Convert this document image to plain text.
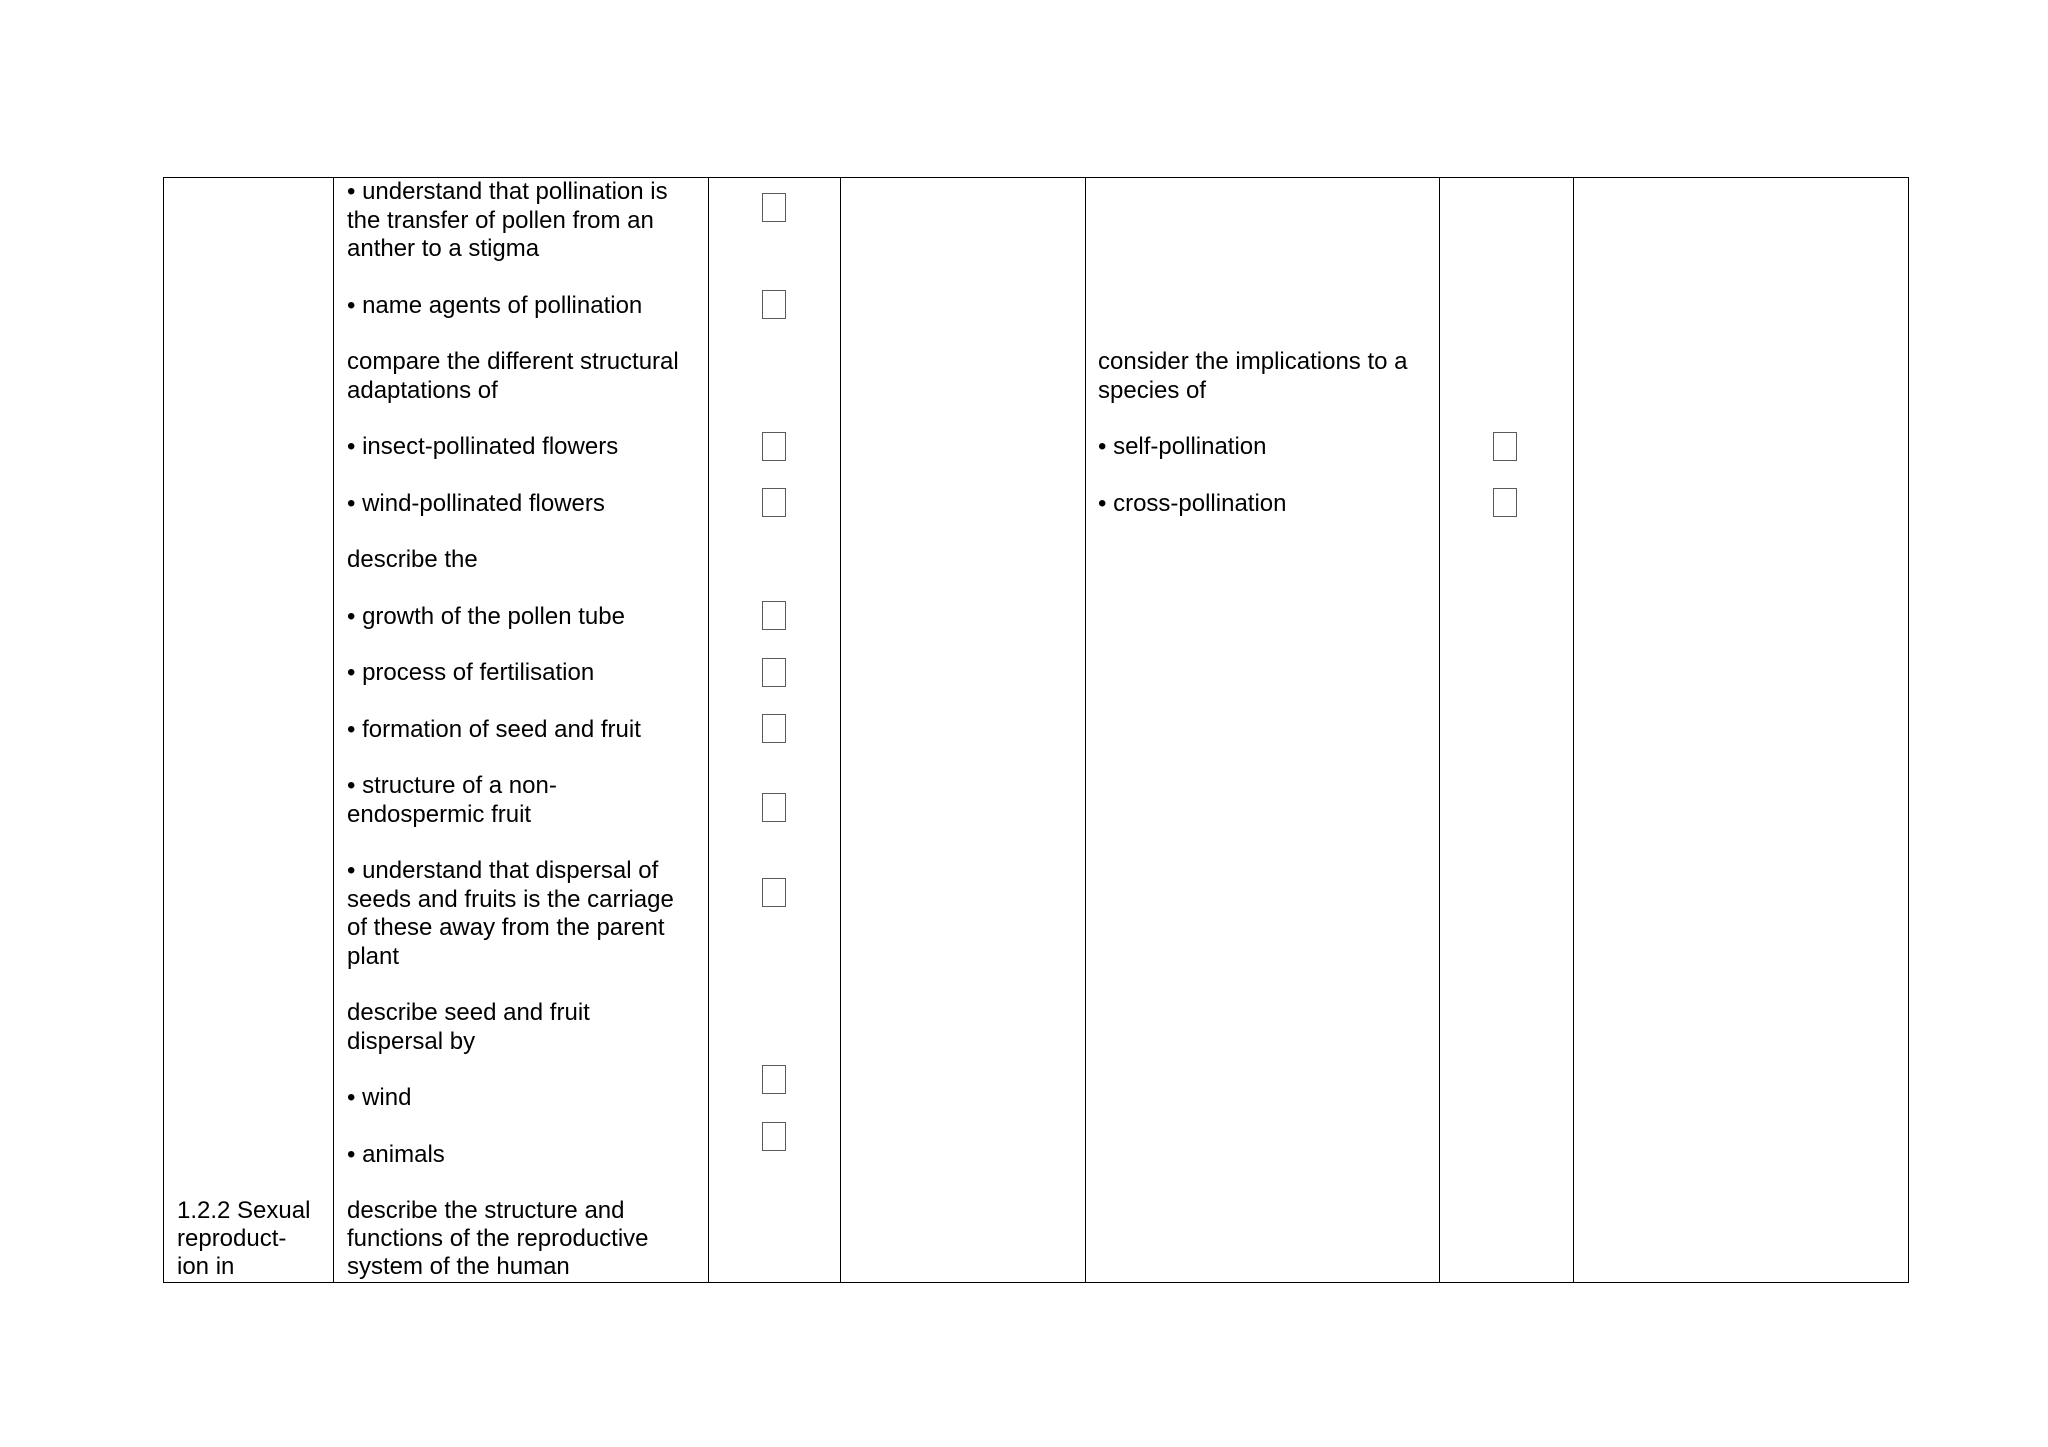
1.2.2 Sexual
reproduct-
ion in
• understand that pollination is
the transfer of pollen from an
anther to a stigma
• name agents of pollination
compare the different structural
adaptations of
• insect-pollinated flowers
• wind-pollinated flowers
describe the
• growth of the pollen tube
• process of fertilisation
• formation of seed and fruit
• structure of a non-
endospermic fruit
• understand that dispersal of
seeds and fruits is the carriage
of these away from the parent
plant
describe seed and fruit
dispersal by
• wind
• animals
describe the structure and
functions of the reproductive
system of the human
consider the implications to a
species of
• self-pollination
• cross-pollination
